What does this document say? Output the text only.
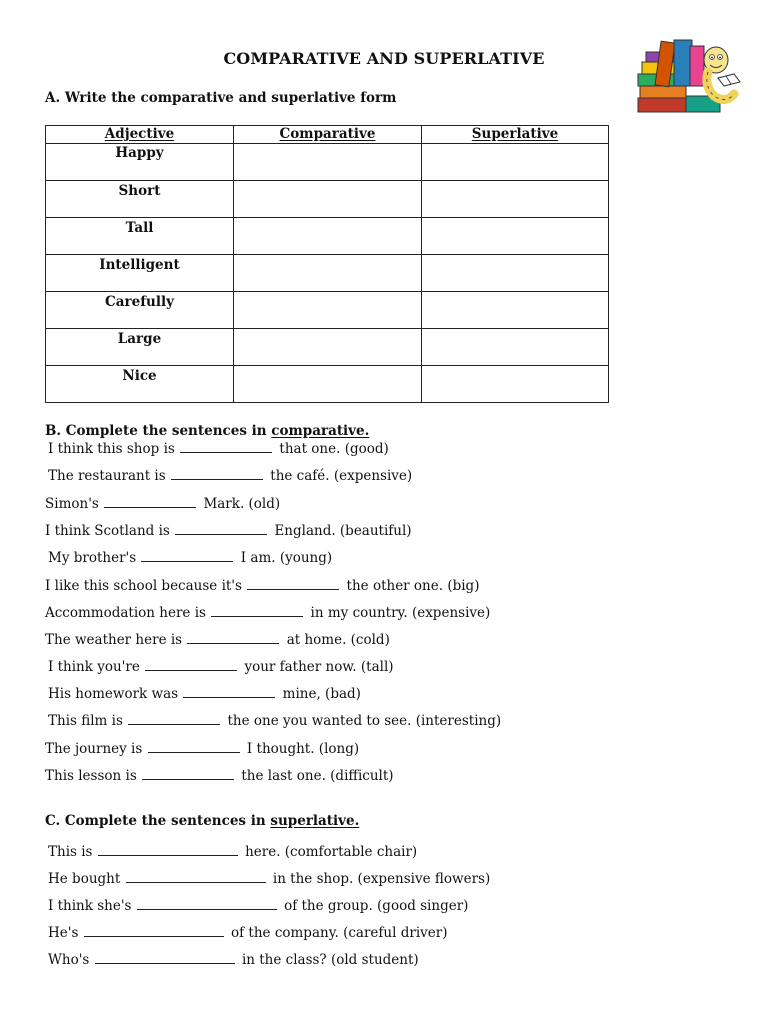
COMPARATIVE AND SUPERLATIVE
A. Write the comparative and superlative form
Adjective	Comparative	Superlative
Happy		
Short		
Tall		
Intelligent		
Carefully		
Large		
Nice		
B. Complete the sentences in comparative.
I think this shop is	that one. (good)
The restaurant is	the café. (expensive)
Simon's	Mark. (old)
I think Scotland is	England. (beautiful)
My brother's	I am. (young)
I like this school because it's	the other one. (big)
Accommodation here is	in my country. (expensive)
The weather here is	at home. (cold)
I think you're	your father now. (tall)
His homework was	mine, (bad)
This film is	the one you wanted to see. (interesting)
The journey is	I thought. (long)
This lesson is	the last one. (difficult)
C. Complete the sentences in superlative.
This is	here. (comfortable chair)
He bought	in the shop. (expensive flowers)
I think she's	of the group. (good singer)
He's	of the company. (careful driver)
Who's	in the class? (old student)
